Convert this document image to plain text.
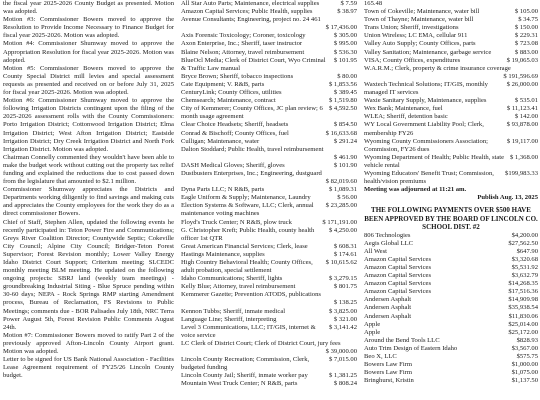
the fiscal year 2025-2026 County Budget as presented. Motion was adopted.

Motion #3: Commissioner Bowers moved to approve the Resolution to Provide Income Necessary to Finance Budget for fiscal year 2025-2026. Motion was adopted.

Motion #4: Commissioner Shumway moved to approve the Appropriation Resolution for fiscal year 2025-2026. Motion was adopted.

Motion #5: Commissioner Bowers moved to approve the County Special District mill levies and special assessment requests as presented and received on or before July 31, 2025 for fiscal year 2025-2026. Motion was adopted.

Motion #6: Commissioner Shumway moved to approve the following Irrigation Districts contingent upon the filing of the 2025-2026 assessment rolls with the County Commissioners: Porto Irrigation District; Cottonwood Irrigation District; Elma Irrigation District; West Afton Irrigation District; Eastside Irrigation District; Dry Creek Irrigation District and North Fork Irrigation District. Motion was adopted.

Chairman Connelly commented they wouldn't have been able to make the budget work without cutting out the property tax relief funding and explained the reductions due to cost passed down from the legislature that amounted to $2.1 million.

Commissioner Shumway appreciates the Districts and Departments working diligently to find savings and making cuts and appreciates the County employees for the work they do as a direct commissioner Bowers.

Chief of Staff, Stephen Allen, updated the following events he recently participated in: Teton Power Fire and Communications; Greys River Coalition Director; Countywide Septic; Cokeville City Council; Alpine City Council; Bridger-Teton Forest Supervisor; Forest Revision monthly; Lower Valley Energy Idaho District Court Support; Criterium meeting; SLCEDC monthly meeting BLM meeting. He updated on the following ongoing projects: SBRJ land (weekly team meetings) - groundbreaking Industrial Siting - Blue Spruce pending within 30-60 days; NEPA - Rock Springs RMP starting Amendment process, Bureau of Reclamation, FS Revisions to Public Meetings; comments due - BOR Palisades July 18th, NRC Terra Power August 5th, Forest Revision Public Comments August 24th.

Motion #7: Commissioner Bowers moved to ratify Part 2 of the previously approved Afton-Lincoln County Airport grant. Motion was adopted.

Letter to be signed for US Bank National Association - Facilities Lease Agreement requirement of FY25/26 Lincoln County budget.

All Star Auto Parts; Maintenance, electrical supplies	$ 7.59
Amazon Capital Services; Public Health, supplies	$ 38.97
Avenue Consultants; Engineering, project no. 24 461
$ 17,436.00
Axis Forensic Toxicology; Coroner, toxicology	$ 305.00
Axon Enterprise, Inc.; Sheriff, taser instructor	$ 995.00
Blaine Nelson; Attorney, travel reimbursement	$ 536.30
BlueOcl Media; Clerk of District Court, Wyo Criminal & Traffic Law manual
$ 101.95
Bryce Brown; Sheriff, tobacco inspections	$ 80.00
Cate Equipment; V. R&B, parts	$ 1,853.56
CenturyLink; County Offices, utilities	$ 389.45
Chemsearch; Maintenance, contract	$ 1,519.80
City of Kemmerer; County Offices, JC plan review; 6 month usage agreement
$ 4,592.50
Clear Choice Headsets; Sheriff, headsets	$ 854.50
Conrad & Bischoff; County Offices, fuel	$ 16,633.68
Culligan; Maintenance, water	$ 291.24
Dalton Stoddard; Public Health, travel reimbursement
$ 461.90
DASH Medical Gloves; Sheriff, gloves	$ 101.90
Dustbusters Enterprises, Inc.; Engineering, dustguard
$ 82,019.60
Dyna Parts LLC; N R&B, parts	$ 1,089.31
Eagle Uniform & Supply; Maintenance, Laundry	$ 56.00
Election Systems & Software, LLC; Clerk, annual maintenance voting machines
$ 23,285.00
Floyd's Truck Center; N R&B, plow truck	$ 171,191.00
G. Christopher Kreft; Public Health, county health officer 1st QTR
$ 4,250.00
Great American Financial Services; Clerk, lease	$ 608.31
Hastings Maintenance, supplies	$ 174.61
High Country Behavioral Health; County Offices, adult probation, special settlement
$ 10,615.62
Idaho Communications; Sheriff, lights	$ 3,279.15
Kelly Blue; Attorney, travel reimbursement	$ 801.75
Kemmerer Gazette; Prevention ATODS, publications
$ 138.25
Kennon Tubbs; Sheriff, inmate medical	$ 3,825.00
Language Line; Sheriff, interpreting	$ 321.00
Level 3 Communications, LLC; IT/GIS, internet & voice service
$ 3,141.42
LC Clerk of District Court; Clerk of District Court, jury fees
$ 39,000.00
Lincoln County Recreation; Commission, Clerk, budgeted funding
$ 7,015.00
Lincoln County Jail; Sheriff, inmate worker pay	$ 1,381.25
Mountain West Truck Center; N R&B, parts	$ 808.24
165.48
Town of Cokeville; Maintenance, water bill	$ 105.00
Town of Thayne; Maintenance, water bill	$ 34.75
Trans Union; Sheriff, investigations	$ 150.00
Union Wireless; LC EMA, cellular 911	$ 229.31
Valley Auto Supply; County Offices, parts	$ 723.08
Valley Sanitation; Maintenance, garbage service	$ 883.00
VISA; County Offices, expenditures	$ 19,065.03
W.A.R.M.; Clerk, property & crime insurance coverage
$ 191,596.69
Waxtech Technical Solutions; IT/GIS, monthly managed IT services
$ 26,000.00
Waxie Sanitary Supply, Maintenance, supplies	$ 535.01
Wex Bank; Maintenance, fuel	$ 11,123.41
WLEA; Sheriff, detention basic	$ 142.00
WY Local Government Liability Pool; Clerk, membership FY26
$ 93,878.00
Wyoming County Commissioners Association; Commission, FY26 dues
$ 19,117.00
Wyoming Department of Health; Public Health, state vehicle rental
$ 1,368.00
Wyoming Educators' Benefit Trust; Commission, health/vision premiums
$199,983.33
Meeting was adjourned at 11:21 am.
Publish Aug. 13, 2025
THE FOLLOWING PAYMENTS OVER $500 HAVE BEEN APPROVED BY THE BOARD OF LINCOLN CO. SCHOOL DIST. #2
806 Technologies	$4,200.00
Aegis Global LLC	$27,562.50
All West	$647.90
Amazon Capital Services	$3,320.68
Amazon Capital Services	$5,531.92
Amazon Capital Services	$3,632.79
Amazon Capital Services	$14,268.35
Amazon Capital Services	$17,516.36
Andersen Asphalt	$14,909.98
Andersen Asphalt	$35,938.54
Andersen Asphalt	$11,830.06
Apple	$25,014.00
Apple	$25,172.00
Around the Bend Tools LLC	$828.93
Auto Trim Design of Eastern Idaho	$3,567.00
Beo X, LLC	$575.75
Bowers Law Firm	$1,000.00
Bowers Law Firm	$1,075.00
Bringhurst, Kristin	$1,137.50
